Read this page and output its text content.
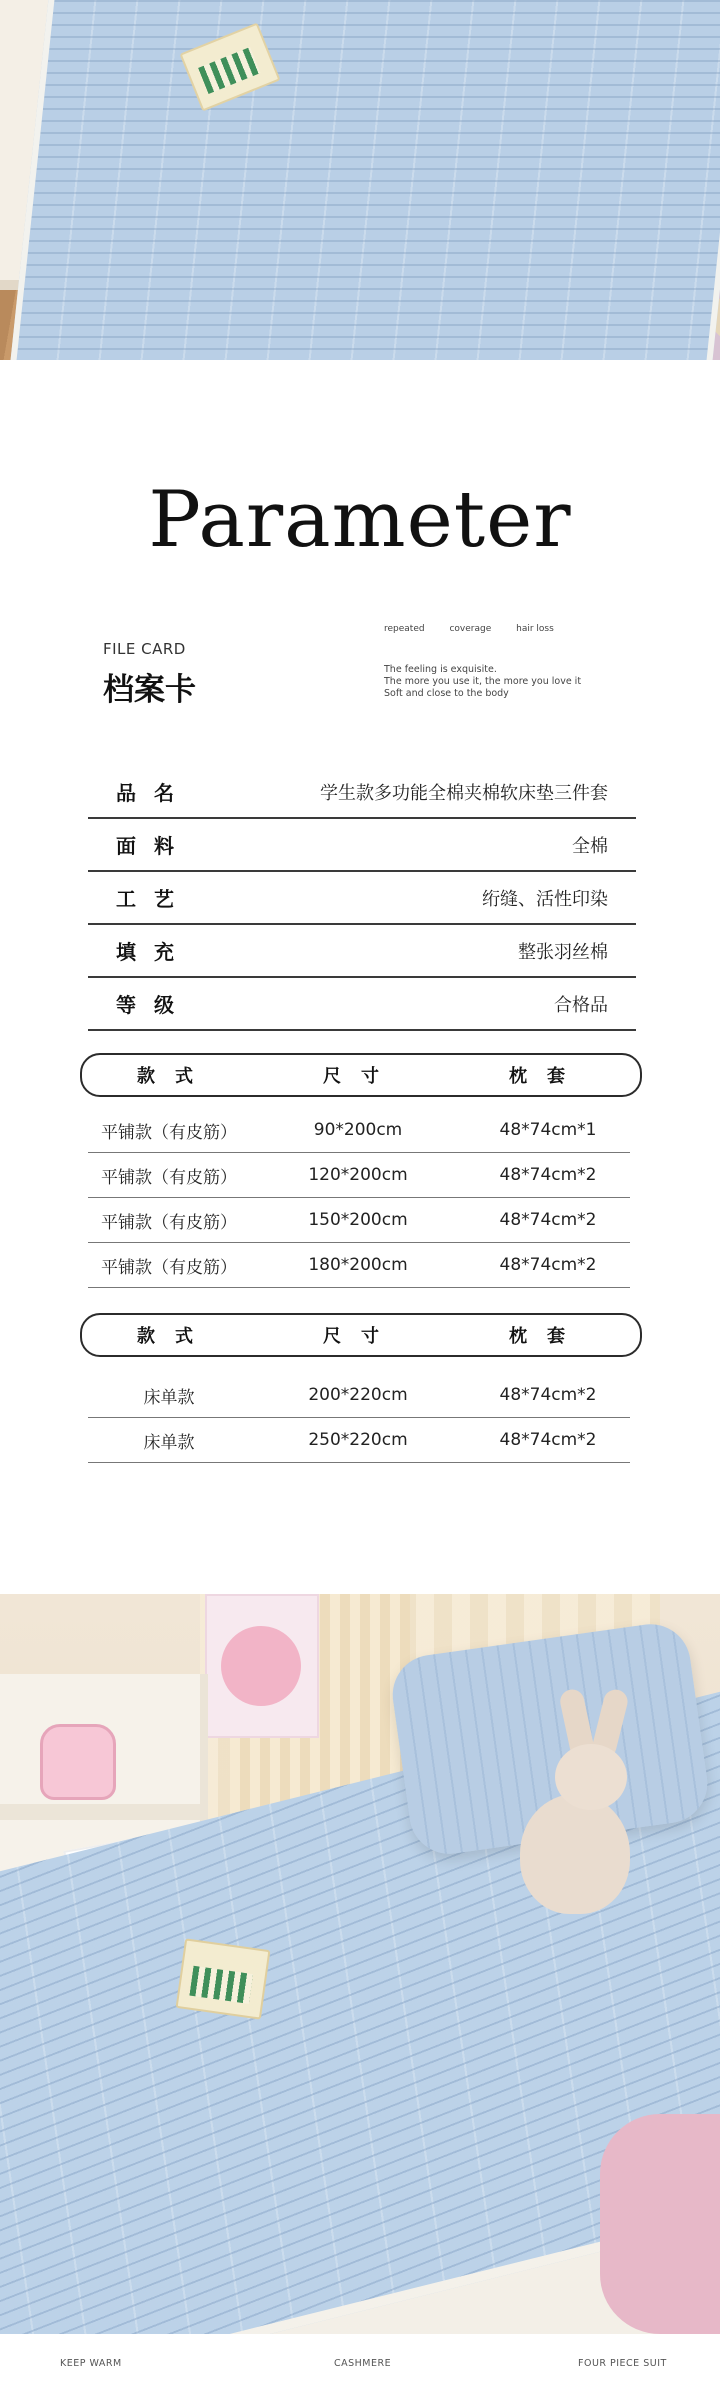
Parameter
FILE CARD
档案卡
repeated	coverage	hair loss
The feeling is exquisite.
The more you use it, the more you love it
Soft and close to the body
品名	学生款多功能全棉夹棉软床垫三件套
面料	全棉
工艺	绗缝、活性印染
填充	整张羽丝棉
等级	合格品
款式	尺寸	枕套
平铺款（有皮筋）	90*200cm	48*74cm*1
平铺款（有皮筋）	120*200cm	48*74cm*2
平铺款（有皮筋）	150*200cm	48*74cm*2
平铺款（有皮筋）	180*200cm	48*74cm*2
款式	尺寸	枕套
床单款	200*220cm	48*74cm*2
床单款	250*220cm	48*74cm*2
KEEP WARM	CASHMERE	FOUR PIECE SUIT
